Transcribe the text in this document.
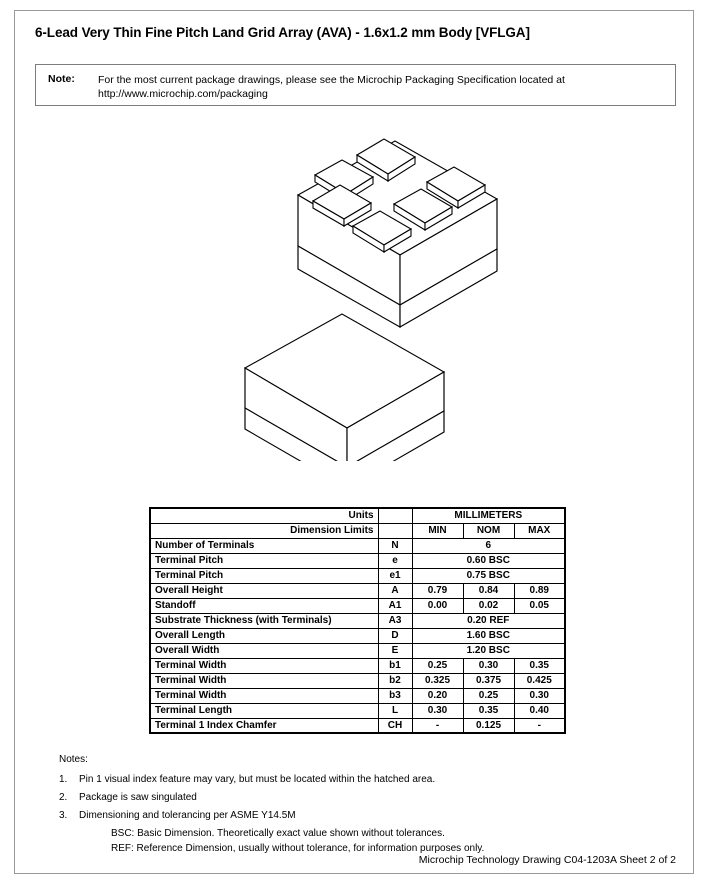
6-Lead Very Thin Fine Pitch Land Grid Array (AVA) - 1.6x1.2 mm Body [VFLGA]
Note: For the most current package drawings, please see the Microchip Packaging Specification located at
http://www.microchip.com/packaging
Units		MILLIMETERS		
Dimension Limits		MIN	NOM	MAX
Number of Terminals	N	6		
Terminal Pitch	e	0.60 BSC		
Terminal Pitch	e1	0.75 BSC		
Overall Height	A	0.79	0.84	0.89
Standoff	A1	0.00	0.02	0.05
Substrate Thickness (with Terminals)	A3	0.20 REF		
Overall Length	D	1.60 BSC		
Overall Width	E	1.20 BSC		
Terminal Width	b1	0.25	0.30	0.35
Terminal Width	b2	0.325	0.375	0.425
Terminal Width	b3	0.20	0.25	0.30
Terminal Length	L	0.30	0.35	0.40
Terminal 1 Index Chamfer	CH	-	0.125	-
Notes:
1. Pin 1 visual index feature may vary, but must be located within the hatched area.
2. Package is saw singulated
3. Dimensioning and tolerancing per ASME Y14.5M
BSC: Basic Dimension. Theoretically exact value shown without tolerances.
REF: Reference Dimension, usually without tolerance, for information purposes only.
Microchip Technology Drawing C04-1203A Sheet 2 of 2
